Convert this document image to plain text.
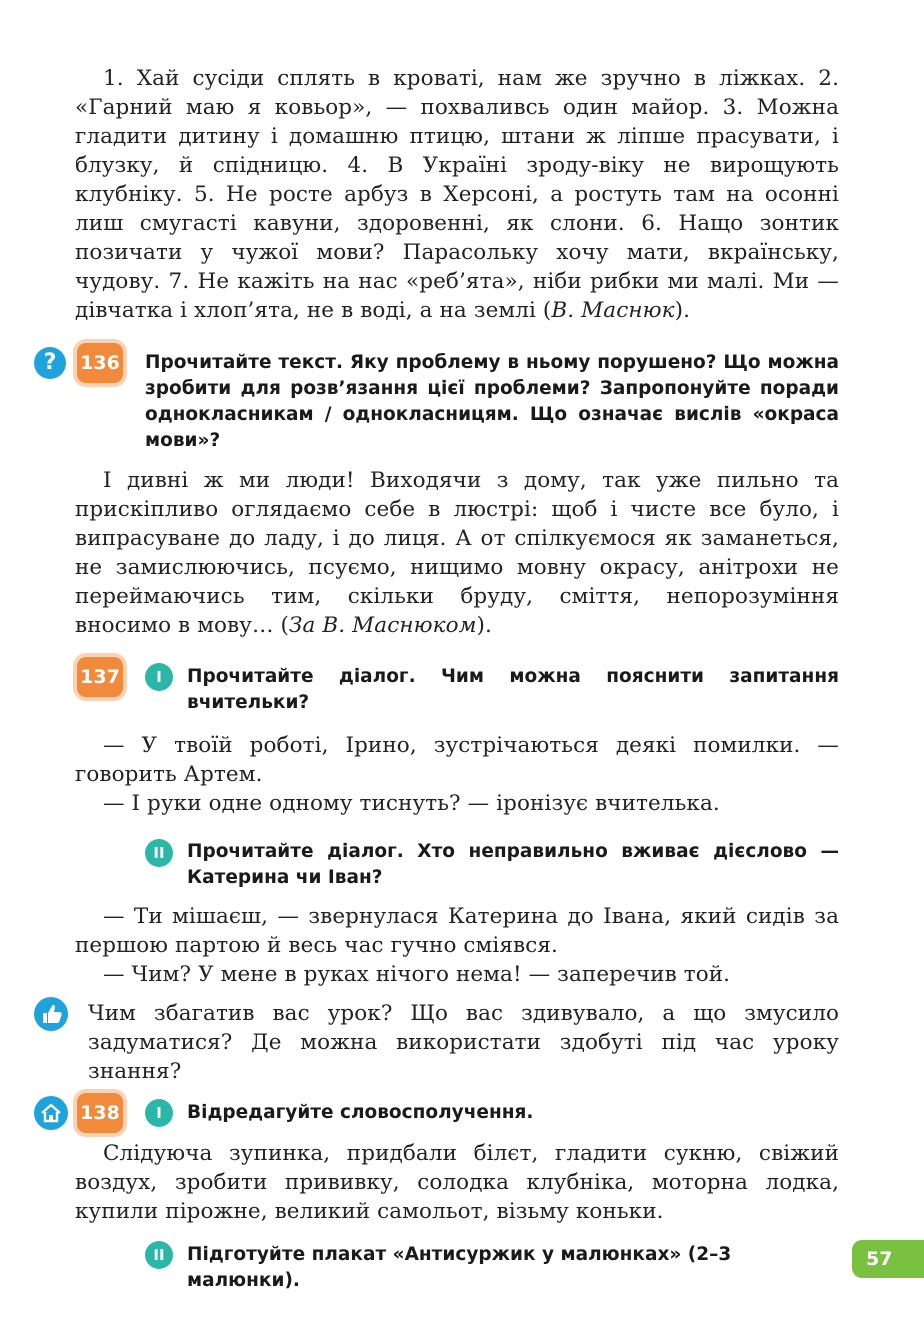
1. Хай сусіди сплять в кроваті, нам же зручно в ліжках. 2. «Гарний маю я ковьор», — похваливсь один майор. 3. Можна гладити дитину і домашню птицю, штани ж ліпше прасувати, і блузку, й спідницю. 4. В Україні зроду-віку не вирощують клубніку. 5. Не росте арбуз в Херсоні, а ростуть там на осонні лиш смугасті кавуни, здоровенні, як слони. 6. Нащо зонтик позичати у чужої мови? Парасольку хочу мати, вкраїнську, чудову. 7. Не кажіть на нас «реб’ята», ніби рибки ми малі. Ми — дівчатка і хлоп’ята, не в воді, а на землі (В. Маснюк).

?	136 Прочитайте текст. Яку проблему в ньому порушено? Що можна зробити для розв’язання цієї проблеми? Запропонуйте поради однокласникам / однокласницям. Що означає вислів «окраса мови»?

І дивні ж ми люди! Виходячи з дому, так уже пильно та прискіпливо оглядаємо себе в люстрі: щоб і чисте все було, і випрасуване до ладу, і до лиця. А от спілкуємося як заманеться, не замислюючись, псуємо, нищимо мовну окрасу, анітрохи не переймаючись тим, скільки бруду, сміття, непорозуміння вносимо в мову… (За В. Маснюком).

137	I	Прочитайте діалог. Чим можна пояснити запитання вчительки?

— У твоїй роботі, Ірино, зустрічаються деякі помилки. — говорить Артем.

— І руки одне одному тиснуть? — іронізує вчителька.

II	Прочитайте діалог. Хто неправильно вживає дієслово — Катерина чи Іван?

— Ти мішаєш, — звернулася Катерина до Івана, який сидів за першою партою й весь час гучно сміявся.

— Чим? У мене в руках нічого нема! — заперечив той.

Чим збагатив вас урок? Що вас здивувало, а що змусило задуматися? Де можна використати здобуті під час уроку знання?

138	I	Відредагуйте словосполучення.

Слідуюча зупинка, придбали білєт, гладити сукню, свіжий воздух, зробити прививку, солодка клубніка, моторна лодка, купили пірожне, великий самольот, візьму коньки.

II	Підготуйте плакат «Антисуржик у малюнках» (2–3 малюнки).
57
